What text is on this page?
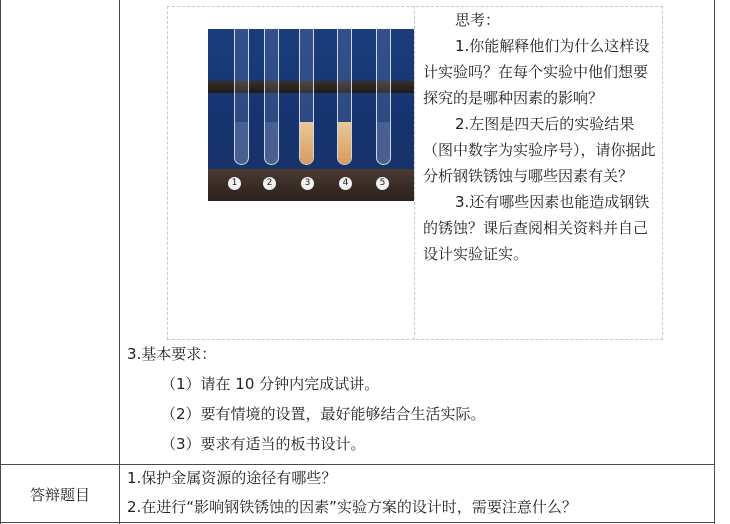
1	2	3	4	5

思考：

1.你能解释他们为什么这样设计实验吗？在每个实验中他们想要探究的是哪种因素的影响？

2.左图是四天后的实验结果（图中数字为实验序号），请你据此分析钢铁锈蚀与哪些因素有关？

3.还有哪些因素也能造成钢铁的锈蚀？课后查阅相关资料并自己设计实验证实。

3.基本要求：
（1）请在 10 分钟内完成试讲。
（2）要有情境的设置，最好能够结合生活实际。
（3）要求有适当的板书设计。
答辩题目
1.保护金属资源的途径有哪些？
2.在进行“影响钢铁锈蚀的因素”实验方案的设计时，需要注意什么？
